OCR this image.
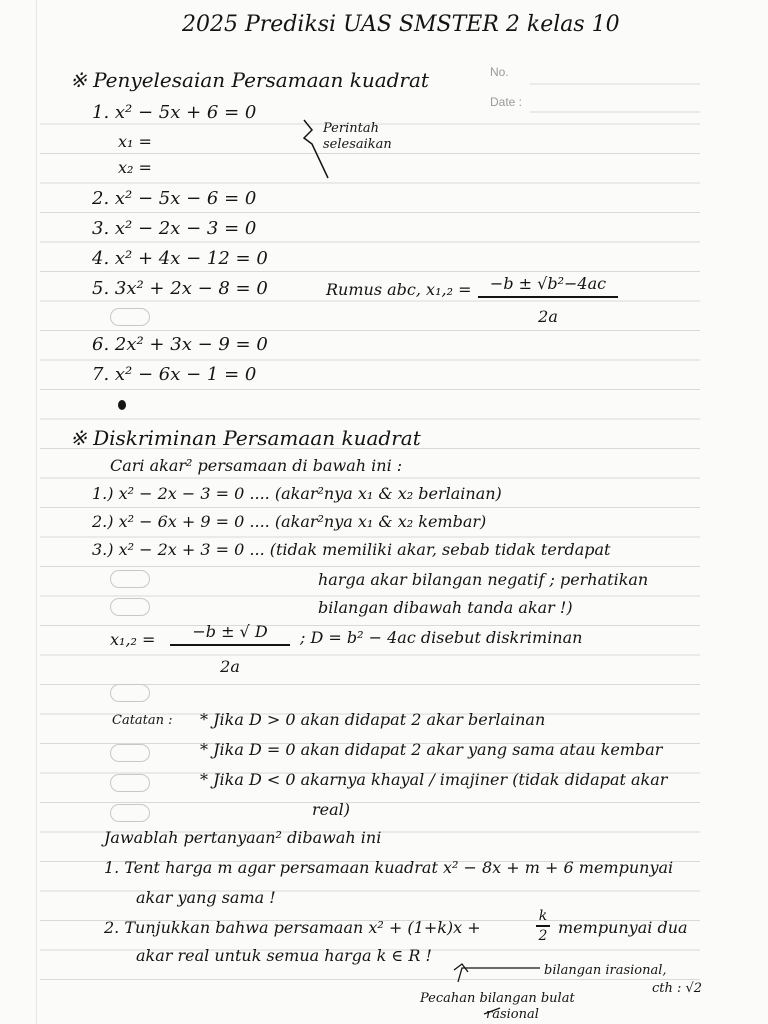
2025 Prediksi UAS SMSTER 2 kelas 10
No.
Date :
※ Penyelesaian Persamaan kuadrat
1. x² − 5x + 6 = 0
x₁ =
x₂ =
Perintah
selesaikan
2. x² − 5x − 6 = 0
3. x² − 2x − 3 = 0
4. x² + 4x − 12 = 0
5. 3x² + 2x − 8 = 0	Rumus abc, x₁,₂ = −b ± √b²−4ac
2a
6. 2x² + 3x − 9 = 0
7. x² − 6x − 1 = 0
※ Diskriminan Persamaan kuadrat
Cari akar² persamaan di bawah ini :
1.) x² − 2x − 3 = 0 .... (akar²nya x₁ & x₂ berlainan)
2.) x² − 6x + 9 = 0 .... (akar²nya x₁ & x₂ kembar)
3.) x² − 2x + 3 = 0 ... (tidak memiliki akar, sebab tidak terdapat
harga akar bilangan negatif ; perhatikan
bilangan dibawah tanda akar !)
x₁,₂ = −b ± √ D
2a
; D = b² − 4ac disebut diskriminan
Catatan : * Jika D > 0 akan didapat 2 akar berlainan
* Jika D = 0 akan didapat 2 akar yang sama atau kembar
* Jika D < 0 akarnya khayal / imajiner (tidak didapat akar
real)
Jawablah pertanyaan² dibawah ini
1. Tent harga m agar persamaan kuadrat x² − 8x + m + 6 mempunyai
akar yang sama !
2. Tunjukkan bahwa persamaan x² + (1+k)x +
k
2 mempunyai dua
akar real untuk semua harga k ∈ R !
bilangan irasional,
cth : √2
Pecahan bilangan bulat
rasional
